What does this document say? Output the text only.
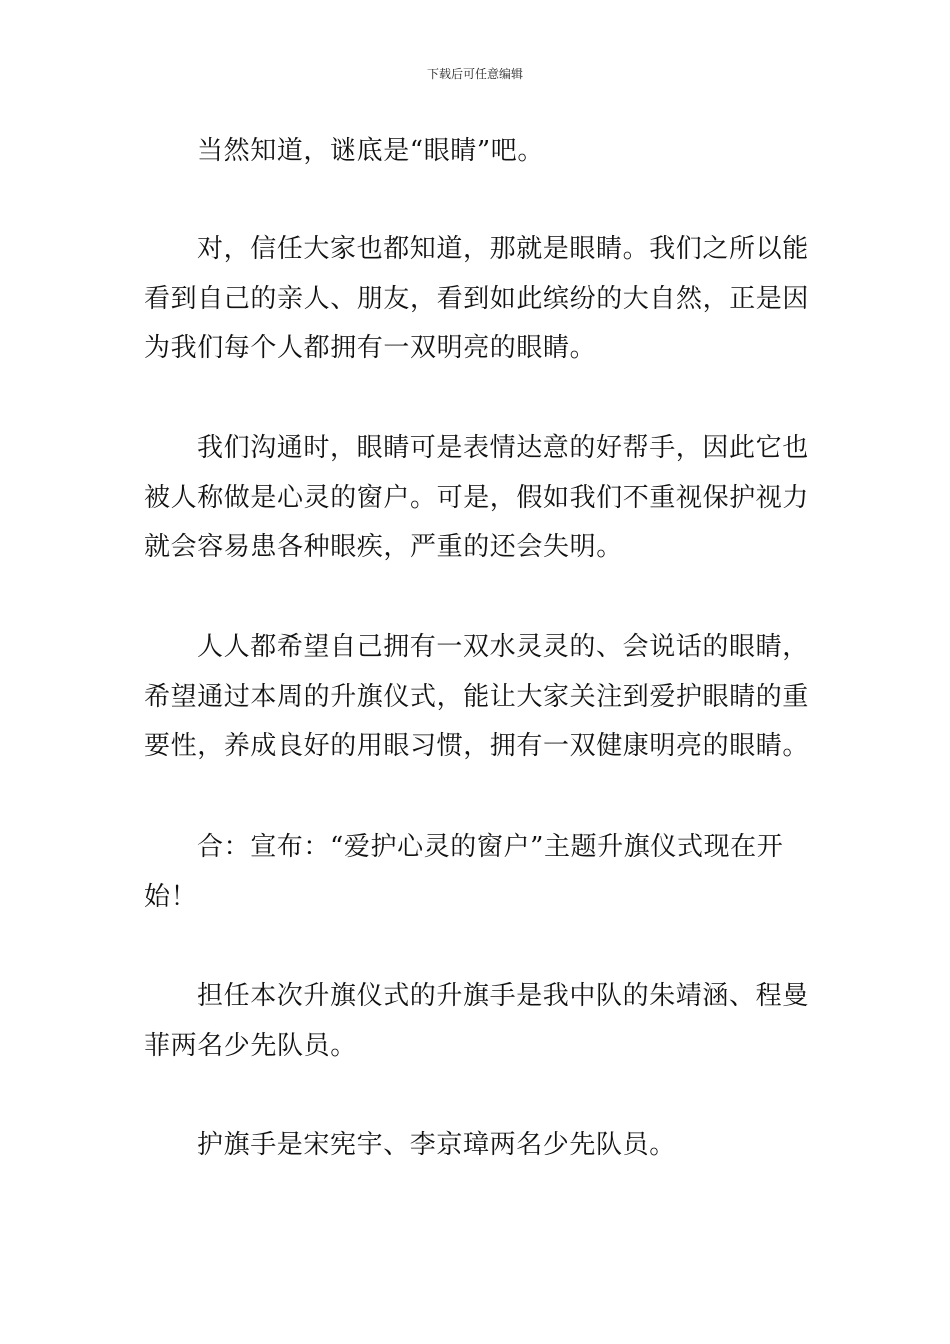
下载后可任意编辑

当然知道，谜底是“眼睛”吧。

对，信任大家也都知道，那就是眼睛。我们之所以能看到自己的亲人、朋友，看到如此缤纷的大自然，正是因为我们每个人都拥有一双明亮的眼睛。

我们沟通时，眼睛可是表情达意的好帮手，因此它也被人称做是心灵的窗户。可是，假如我们不重视保护视力就会容易患各种眼疾，严重的还会失明。

人人都希望自己拥有一双水灵灵的、会说话的眼睛，希望通过本周的升旗仪式，能让大家关注到爱护眼睛的重要性，养成良好的用眼习惯，拥有一双健康明亮的眼睛。

合：宣布：“爱护心灵的窗户”主题升旗仪式现在开始！

担任本次升旗仪式的升旗手是我中队的朱靖涵、程曼菲两名少先队员。

护旗手是宋宪宇、李京璋两名少先队员。
